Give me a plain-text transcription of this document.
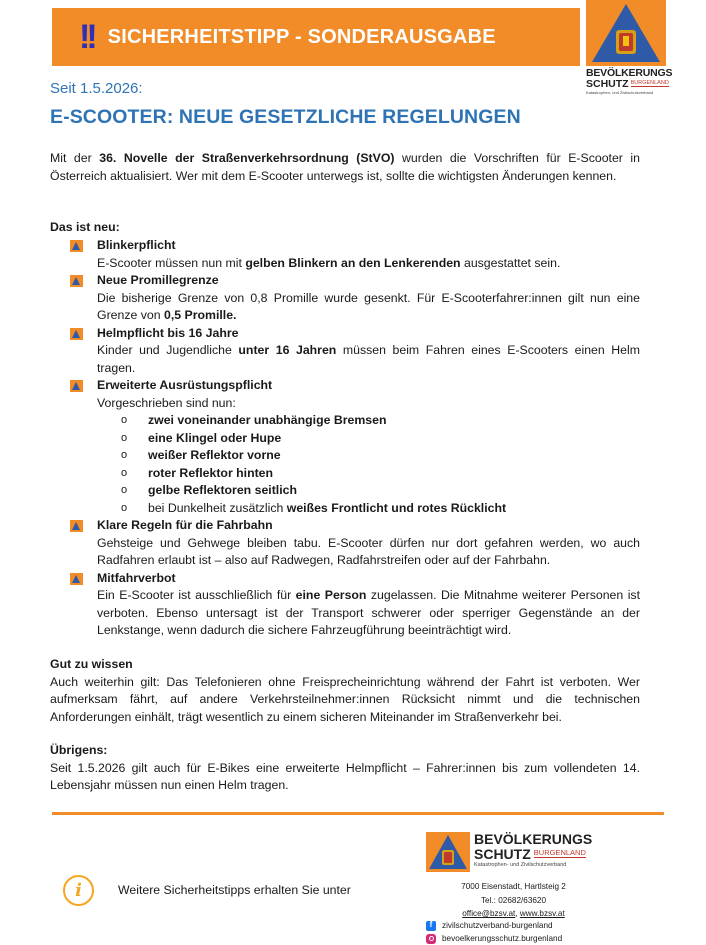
!! SICHERHEITSTIPP - SONDERAUSGABE
BEVÖLKERUNGS
SCHUTZ BURGENLAND
Katastrophen- und Zivilschutzverband
Seit 1.5.2026:
E-SCOOTER: NEUE GESETZLICHE REGELUNGEN

Mit der 36. Novelle der Straßenverkehrsordnung (StVO) wurden die Vorschriften für E-Scooter in Österreich aktualisiert. Wer mit dem E-Scooter unterwegs ist, sollte die wichtigsten Änderungen kennen.

Das ist neu:
Blinkerpflicht
E-Scooter müssen nun mit gelben Blinkern an den Lenkerenden ausgestattet sein.
Neue Promillegrenze
Die bisherige Grenze von 0,8 Promille wurde gesenkt. Für E-Scooterfahrer:innen gilt nun eine Grenze von 0,5 Promille.
Helmpflicht bis 16 Jahre
Kinder und Jugendliche unter 16 Jahren müssen beim Fahren eines E-Scooters einen Helm tragen.
Erweiterte Ausrüstungspflicht
Vorgeschrieben sind nun:
o zwei voneinander unabhängige Bremsen
o eine Klingel oder Hupe
o weißer Reflektor vorne
o roter Reflektor hinten
o gelbe Reflektoren seitlich
o bei Dunkelheit zusätzlich weißes Frontlicht und rotes Rücklicht
Klare Regeln für die Fahrbahn
Gehsteige und Gehwege bleiben tabu. E-Scooter dürfen nur dort gefahren werden, wo auch Radfahren erlaubt ist – also auf Radwegen, Radfahrstreifen oder auf der Fahrbahn.
Mitfahrverbot
Ein E-Scooter ist ausschließlich für eine Person zugelassen. Die Mitnahme weiterer Personen ist verboten. Ebenso untersagt ist der Transport schwerer oder sperriger Gegenstände an der Lenkstange, wenn dadurch die sichere Fahrzeugführung beeinträchtigt wird.
Gut zu wissen
Auch weiterhin gilt: Das Telefonieren ohne Freisprecheinrichtung während der Fahrt ist verboten. Wer aufmerksam fährt, auf andere Verkehrsteilnehmer:innen Rücksicht nimmt und die technischen Anforderungen einhält, trägt wesentlich zu einem sicheren Miteinander im Straßenverkehr bei.
Übrigens:
Seit 1.5.2026 gilt auch für E-Bikes eine erweiterte Helmpflicht – Fahrer:innen bis zum vollendeten 14. Lebensjahr müssen nun einen Helm tragen.
i	Weitere Sicherheitstipps erhalten Sie unter
BEVÖLKERUNGS
SCHUTZ BURGENLAND
Katastrophen- und Zivilschutzverband
7000 Eisenstadt, Hartlsteig 2
Tel.: 02682/63620
office@bzsv.at, www.bzsv.at
f	zivilschutzverband-burgenland
bevoelkerungsschutz.burgenland
